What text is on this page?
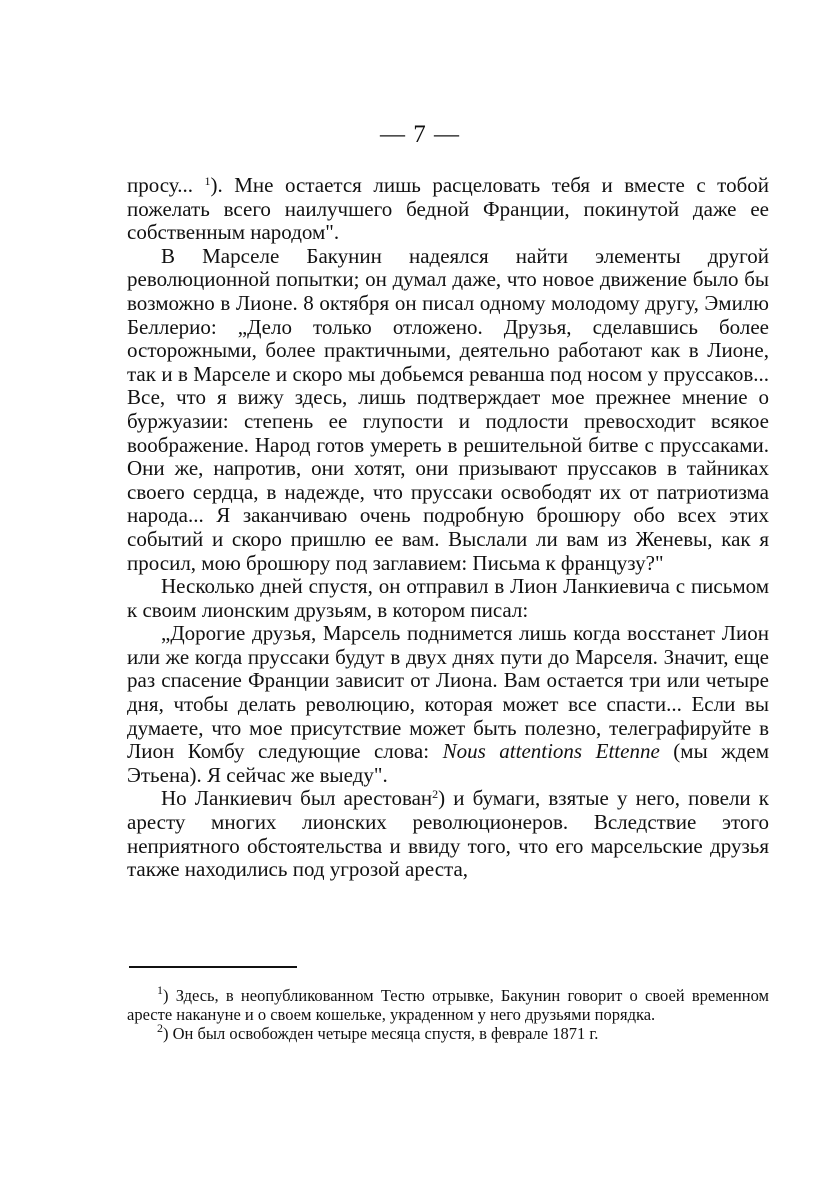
— 7 —

просу... $^1$). Мне остается лишь расцеловать тебя и вместе с тобой пожелать всего наилучшего бедной Франции, покинутой даже ее собственным народом".

В Марселе Бакунин надеялся найти элементы другой революционной попытки; он думал даже, что новое движение было бы возможно в Лионе. 8 октября он писал одному молодому другу, Эмилю Беллерио: „Дело только отложено. Друзья, сделавшись более осторожными, более практичными, деятельно работают как в Лионе, так и в Марселе и скоро мы добьемся реванша под носом у пруссаков... Все, что я вижу здесь, лишь подтверждает мое прежнее мнение о буржуазии: степень ее глупости и подлости превосходит всякое воображение. Народ готов умереть в решительной битве с пруссаками. Они же, напротив, они хотят, они призывают пруссаков в тайниках своего сердца, в надежде, что пруссаки освободят их от патриотизма народа... Я заканчиваю очень подробную брошюру обо всех этих событий и скоро пришлю ее вам. Выслали ли вам из Женевы, как я просил, мою брошюру под заглавием: Письма к французу?"

Несколько дней спустя, он отправил в Лион Ланкиевича с письмом к своим лионским друзьям, в котором писал:

„Дорогие друзья, Марсель поднимется лишь когда восстанет Лион или же когда пруссаки будут в двух днях пути до Марселя. Значит, еще раз спасение Франции зависит от Лиона. Вам остается три или четыре дня, чтобы делать революцию, которая может все спасти... Если вы думаете, что мое присутствие может быть полезно, телеграфируйте в Лион Комбу следующие слова: Nous attentions Ettenne (мы ждем Этьена). Я сейчас же выеду".

Но Ланкиевич был арестован$^2$) и бумаги, взятые у него, повели к аресту многих лионских революционеров. Вследствие этого неприятного обстоятельства и ввиду того, что его марсельские друзья также находились под угрозой ареста,

$^1$) Здесь, в неопубликованном Тестю отрывке, Бакунин говорит о своей временном аресте накануне и о своем кошельке, украденном у него друзьями порядка.

$^2$) Он был освобожден четыре месяца спустя, в феврале 1871 г.
